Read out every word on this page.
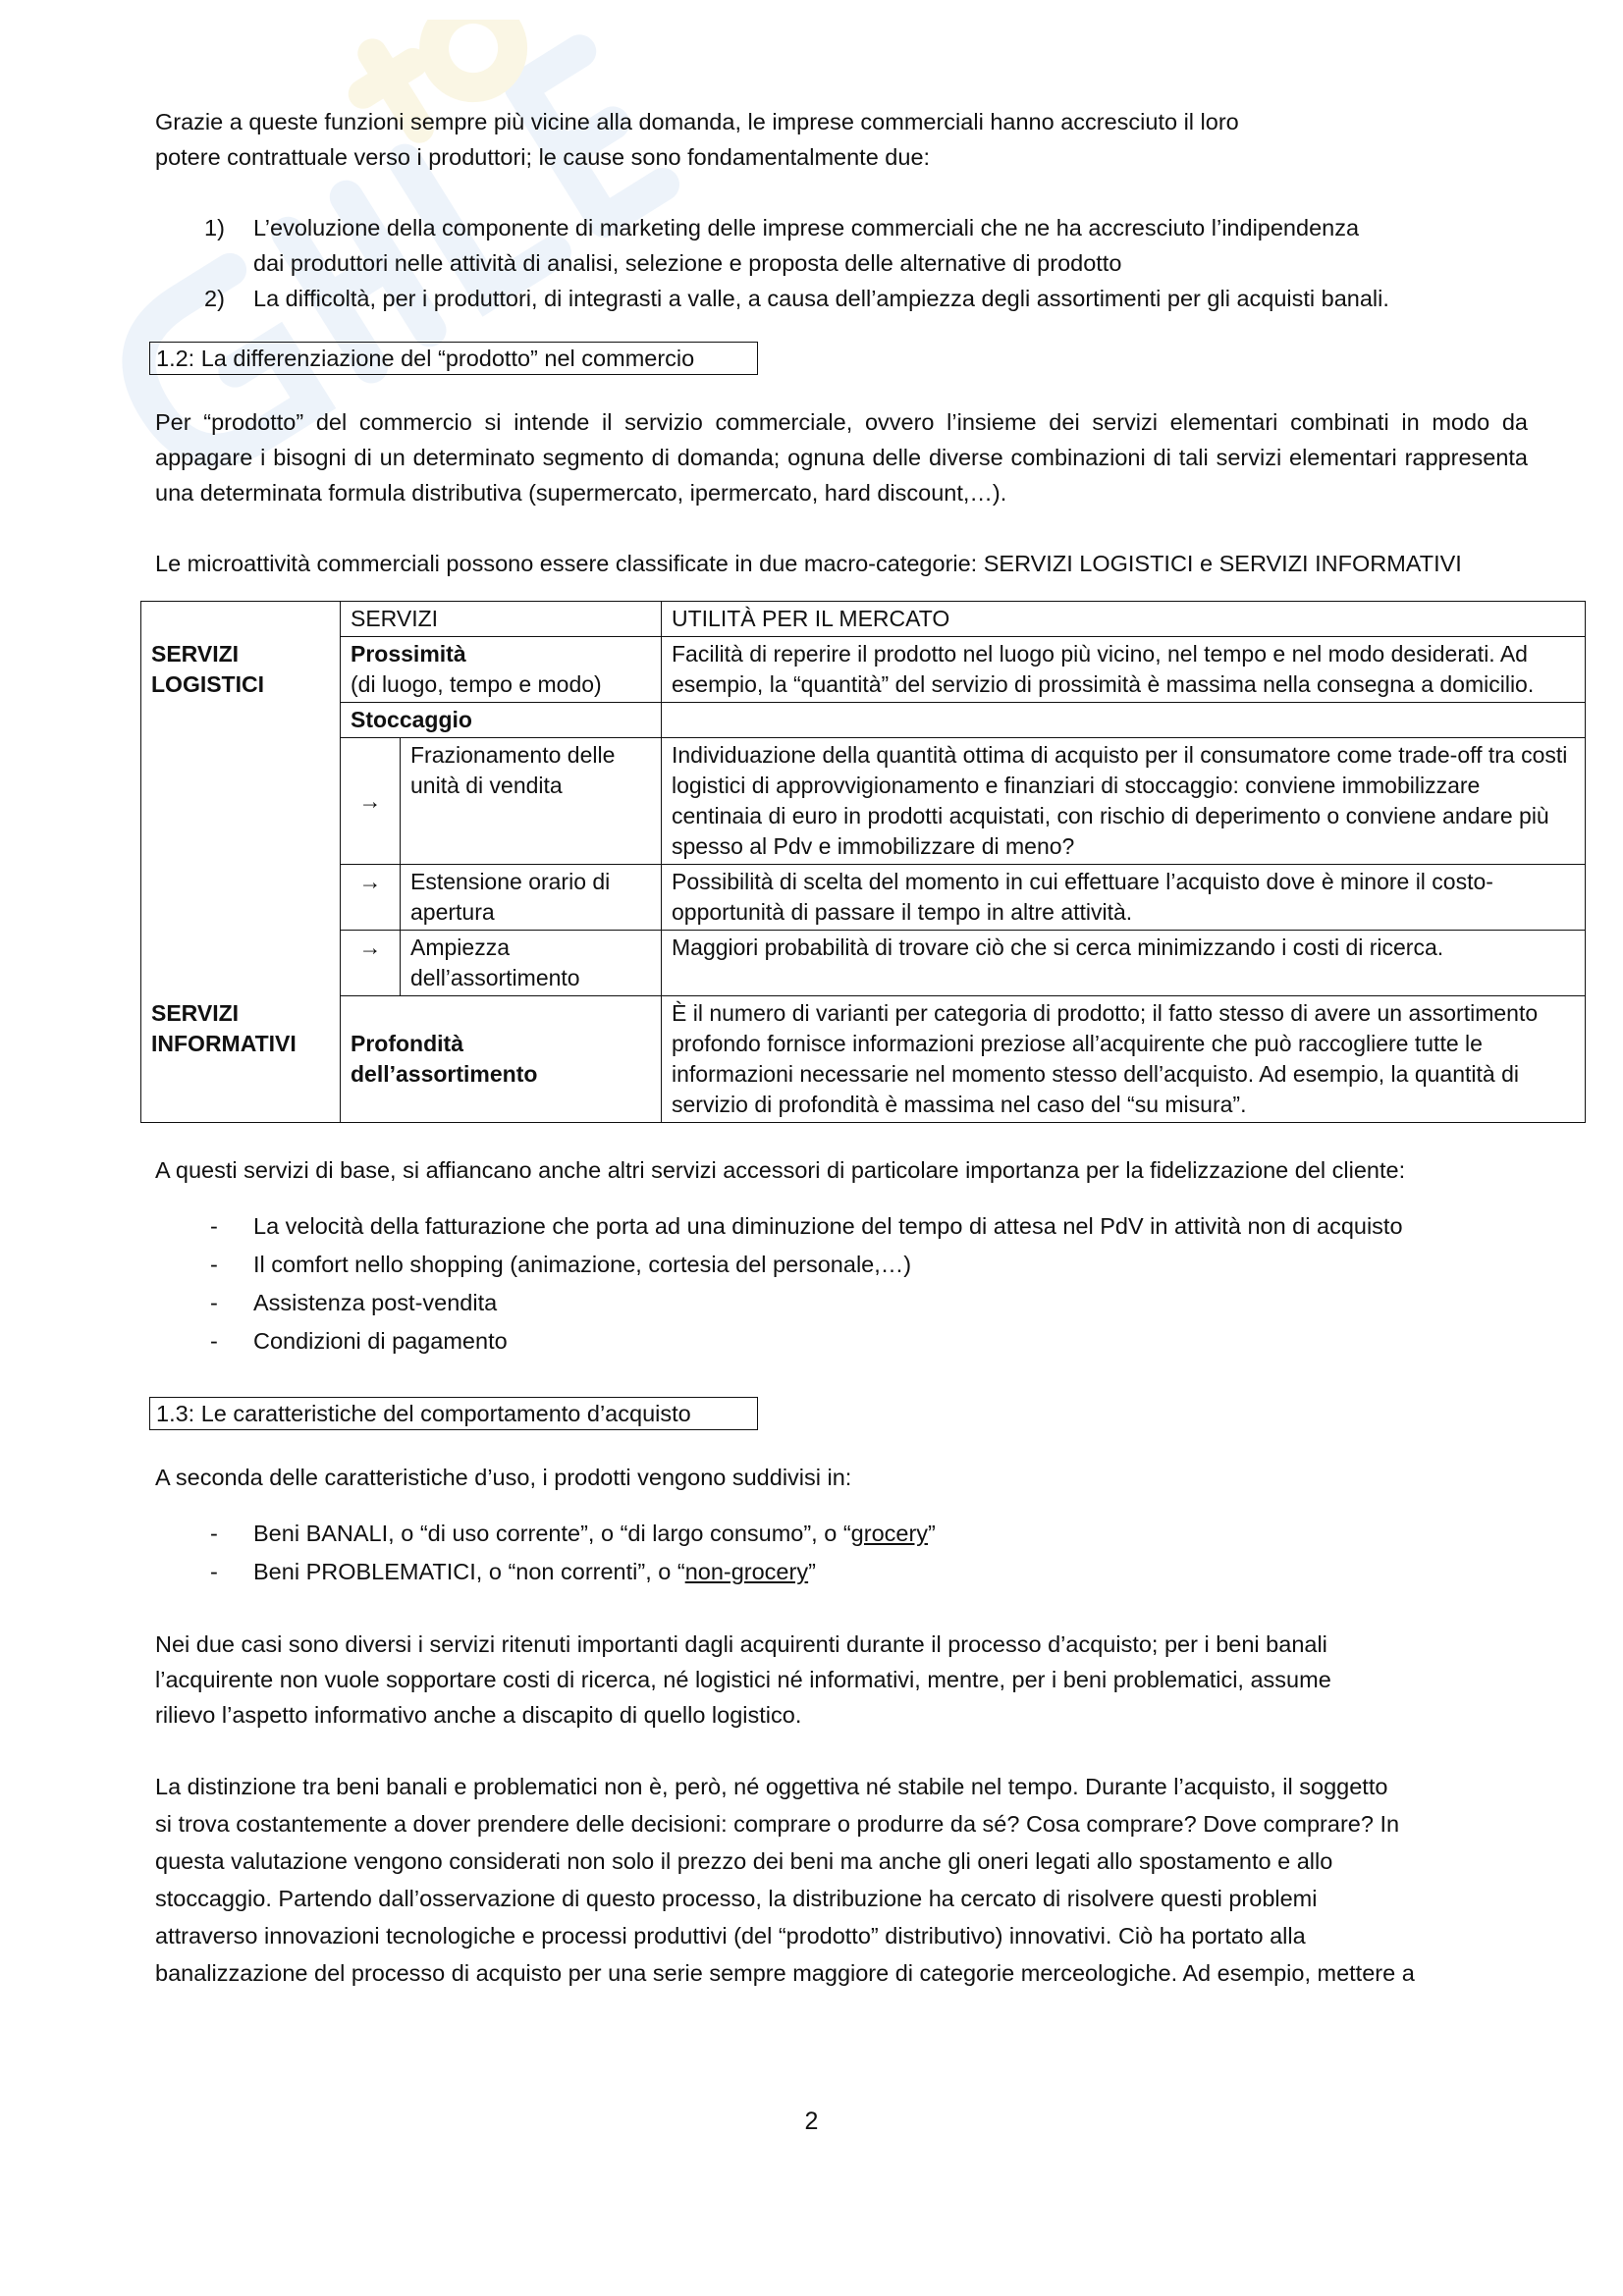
Grazie a queste funzioni sempre più vicine alla domanda, le imprese commerciali hanno accresciuto il loro

potere contrattuale verso i produttori; le cause sono fondamentalmente due:

1) L’evoluzione della componente di marketing delle imprese commerciali che ne ha accresciuto l’indipendenza
dai produttori nelle attività di analisi, selezione e proposta delle alternative di prodotto
2) La difficoltà, per i produttori, di integrasti a valle, a causa dell’ampiezza degli assortimenti per gli acquisti banali.
1.2: La differenziazione del “prodotto” nel commercio

Per “prodotto” del commercio si intende il servizio commerciale, ovvero l’insieme dei servizi elementari combinati in modo da appagare i bisogni di un determinato segmento di domanda; ognuna delle diverse combinazioni di tali servizi elementari rappresenta una determinata formula distributiva (supermercato, ipermercato, hard discount,…).

Le microattività commerciali possono essere classificate in due macro-categorie: SERVIZI LOGISTICI e SERVIZI INFORMATIVI

	SERVIZI		UTILITÀ PER IL MERCATO
SERVIZI
LOGISTICI	Prossimità
(di luogo, tempo e modo)		Facilità di reperire il prodotto nel luogo più vicino, nel tempo e nel modo desiderati. Ad esempio, la “quantità” del servizio di prossimità è massima nella consegna a domicilio.
	Stoccaggio		
	→	Frazionamento delle unità di vendita	Individuazione della quantità ottima di acquisto per il consumatore come trade-off tra costi logistici di approvvigionamento e finanziari di stoccaggio: conviene immobilizzare centinaia di euro in prodotti acquistati, con rischio di deperimento o conviene andare più spesso al Pdv e immobilizzare di meno?
	→	Estensione orario di apertura	Possibilità di scelta del momento in cui effettuare l’acquisto dove è minore il costo-opportunità di passare il tempo in altre attività.
	→	Ampiezza dell’assortimento	Maggiori probabilità di trovare ciò che si cerca minimizzando i costi di ricerca.
SERVIZI
INFORMATIVI	Profondità dell’assortimento		È il numero di varianti per categoria di prodotto; il fatto stesso di avere un assortimento profondo fornisce informazioni preziose all’acquirente che può raccogliere tutte le informazioni necessarie nel momento stesso dell’acquisto. Ad esempio, la quantità di servizio di profondità è massima nel caso del “su misura”.

A questi servizi di base, si affiancano anche altri servizi accessori di particolare importanza per la fidelizzazione del cliente:

- La velocità della fatturazione che porta ad una diminuzione del tempo di attesa nel PdV in attività non di acquisto
- Il comfort nello shopping (animazione, cortesia del personale,…)
- Assistenza post-vendita
- Condizioni di pagamento
1.3: Le caratteristiche del comportamento d’acquisto

A seconda delle caratteristiche d’uso, i prodotti vengono suddivisi in:

- Beni BANALI, o “di uso corrente”, o “di largo consumo”, o “grocery”
- Beni PROBLEMATICI, o “non correnti”, o “non-grocery”

Nei due casi sono diversi i servizi ritenuti importanti dagli acquirenti durante il processo d’acquisto; per i beni banali

l’acquirente non vuole sopportare costi di ricerca, né logistici né informativi, mentre, per i beni problematici, assume

rilievo l’aspetto informativo anche a discapito di quello logistico.

La distinzione tra beni banali e problematici non è, però, né oggettiva né stabile nel tempo. Durante l’acquisto, il soggetto

si trova costantemente a dover prendere delle decisioni: comprare o produrre da sé? Cosa comprare? Dove comprare? In

questa valutazione vengono considerati non solo il prezzo dei beni ma anche gli oneri legati allo spostamento e allo

stoccaggio. Partendo dall’osservazione di questo processo, la distribuzione ha cercato di risolvere questi problemi

attraverso innovazioni tecnologiche e processi produttivi (del “prodotto” distributivo) innovativi. Ciò ha portato alla

banalizzazione del processo di acquisto per una serie sempre maggiore di categorie merceologiche. Ad esempio, mettere a

2
